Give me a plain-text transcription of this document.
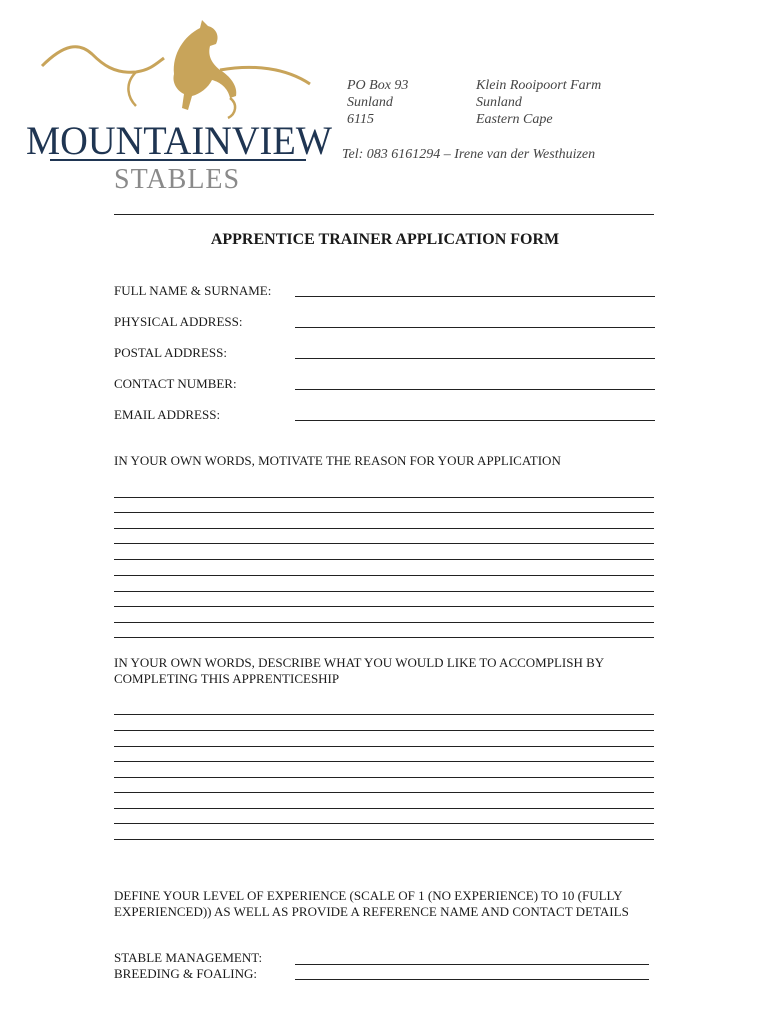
MOUNTAINVIEW
STABLES
PO Box 93
Sunland
6115
Klein Rooipoort Farm
Sunland
Eastern Cape
Tel: 083 6161294 – Irene van der Westhuizen
APPRENTICE TRAINER APPLICATION FORM
FULL NAME & SURNAME:
PHYSICAL ADDRESS:
POSTAL ADDRESS:
CONTACT NUMBER:
EMAIL ADDRESS:
IN YOUR OWN WORDS, MOTIVATE THE REASON FOR YOUR APPLICATION
IN YOUR OWN WORDS, DESCRIBE WHAT YOU WOULD LIKE TO ACCOMPLISH BY COMPLETING THIS APPRENTICESHIP
DEFINE YOUR LEVEL OF EXPERIENCE (SCALE OF 1 (NO EXPERIENCE) TO 10 (FULLY EXPERIENCED)) AS WELL AS PROVIDE A REFERENCE NAME AND CONTACT DETAILS
STABLE MANAGEMENT:
BREEDING & FOALING:
